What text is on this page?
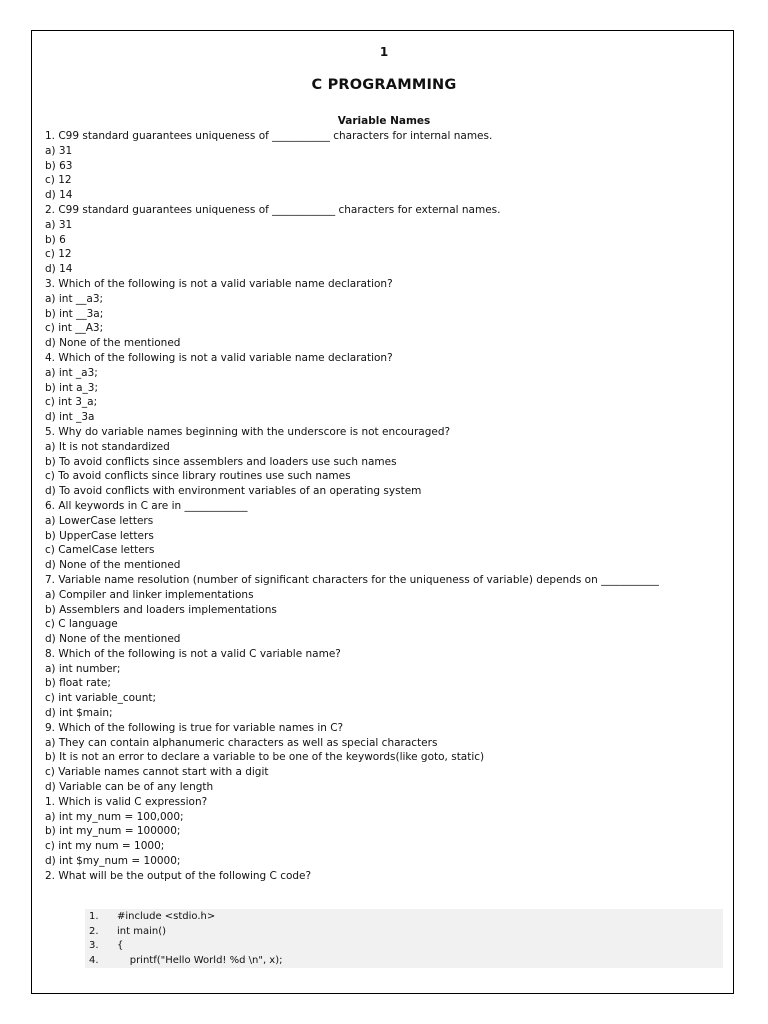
1
C PROGRAMMING
Variable Names
1. C99 standard guarantees uniqueness of ___________ characters for internal names.
a) 31
b) 63
c) 12
d) 14
2. C99 standard guarantees uniqueness of ____________ characters for external names.
a) 31
b) 6
c) 12
d) 14
3. Which of the following is not a valid variable name declaration?
a) int __a3;
b) int __3a;
c) int __A3;
d) None of the mentioned
4. Which of the following is not a valid variable name declaration?
a) int _a3;
b) int a_3;
c) int 3_a;
d) int _3a
5. Why do variable names beginning with the underscore is not encouraged?
a) It is not standardized
b) To avoid conflicts since assemblers and loaders use such names
c) To avoid conflicts since library routines use such names
d) To avoid conflicts with environment variables of an operating system
6. All keywords in C are in ____________
a) LowerCase letters
b) UpperCase letters
c) CamelCase letters
d) None of the mentioned
7. Variable name resolution (number of significant characters for the uniqueness of variable) depends on ___________
a) Compiler and linker implementations
b) Assemblers and loaders implementations
c) C language
d) None of the mentioned
8. Which of the following is not a valid C variable name?
a) int number;
b) float rate;
c) int variable_count;
d) int $main;
9. Which of the following is true for variable names in C?
a) They can contain alphanumeric characters as well as special characters
b) It is not an error to declare a variable to be one of the keywords(like goto, static)
c) Variable names cannot start with a digit
d) Variable can be of any length
1. Which is valid C expression?
a) int my_num = 100,000;
b) int my_num = 100000;
c) int my num = 1000;
d) int $my_num = 10000;
2. What will be the output of the following C code?
1.	#include <stdio.h>
2.	int main()
3.	{
4.	printf("Hello World! %d \n", x);
